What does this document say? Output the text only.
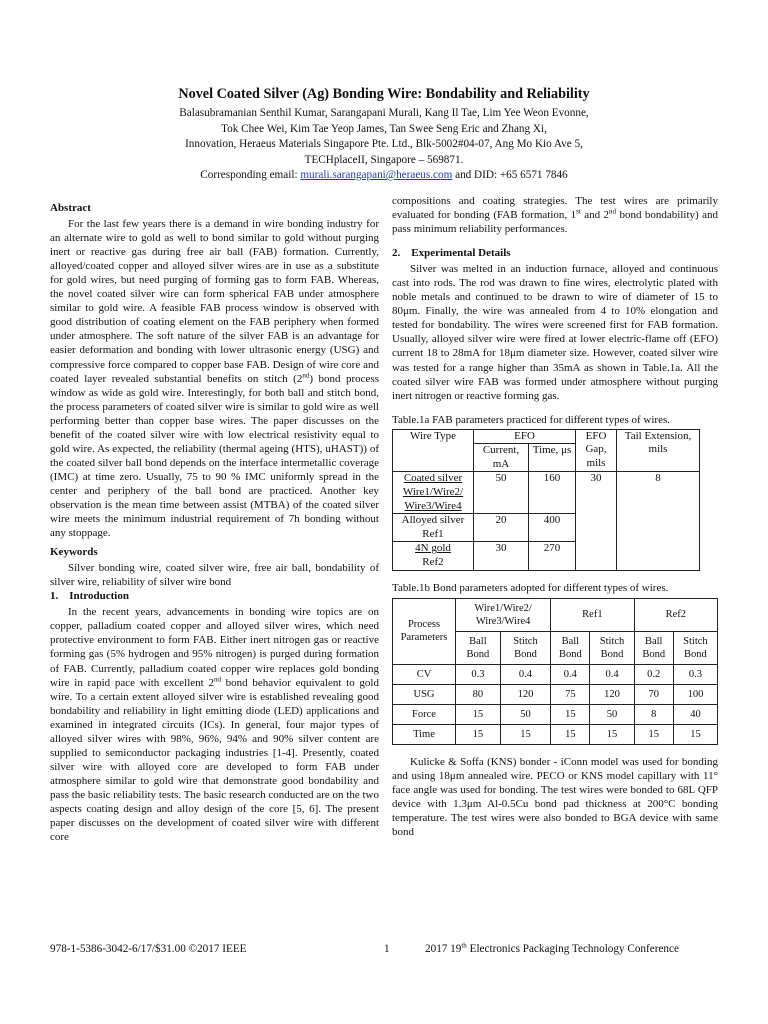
Novel Coated Silver (Ag) Bonding Wire: Bondability and Reliability
Balasubramanian Senthil Kumar, Sarangapani Murali, Kang Il Tae, Lim Yee Weon Evonne,
Tok Chee Wei, Kim Tae Yeop James, Tan Swee Seng Eric and Zhang Xi,
Innovation, Heraeus Materials Singapore Pte. Ltd., Blk-5002#04-07, Ang Mo Kio Ave 5,
TECHplaceII, Singapore – 569871.
Corresponding email: murali.sarangapani@heraeus.com and DID: +65 6571 7846

Abstract

For the last few years there is a demand in wire bonding industry for an alternate wire to gold as well to bond similar to gold without purging inert or reactive gas during free air ball (FAB) formation. Currently, alloyed/coated copper and alloyed silver wires are in use as a substitute for gold wires, but need purging of forming gas to form FAB. Whereas, the novel coated silver wire can form spherical FAB under atmosphere similar to gold wire. A feasible FAB process window is observed with good distribution of coating element on the FAB periphery when formed under atmosphere. The soft nature of the silver FAB is an advantage for easier deformation and bonding with lower ultrasonic energy (USG) and compressive force compared to copper base FAB. Design of wire core and coated layer revealed substantial benefits on stitch (2nd) bond process window as wide as gold wire. Interestingly, for both ball and stitch bond, the process parameters of coated silver wire is similar to gold wire as well performing better than copper base wires. The paper discusses on the benefit of the coated silver wire with low electrical resistivity equal to gold wire. As expected, the reliability (thermal ageing (HTS), uHAST)) of the coated silver ball bond depends on the interface intermetallic coverage (IMC) at time zero. Usually, 75 to 90 % IMC uniformly spread in the center and periphery of the ball bond are practiced. Another key observation is the mean time between assist (MTBA) of the coated silver wire meets the minimum industrial requirement of 7h bonding without any stoppage.

Keywords

Silver bonding wire, coated silver wire, free air ball, bondability of silver wire, reliability of silver wire bond

1.    Introduction

In the recent years, advancements in bonding wire topics are on copper, palladium coated copper and alloyed silver wires, which need protective environment to form FAB. Either inert nitrogen gas or reactive forming gas (5% hydrogen and 95% nitrogen) is purged during formation of FAB. Currently, palladium coated copper wire replaces gold bonding wire in rapid pace with excellent 2nd bond behavior equivalent to gold wire. To a certain extent alloyed silver wire is established revealing good bondability and reliability in light emitting diode (LED) applications and examined in integrated circuits (ICs). In general, four major types of alloyed silver wires with 98%, 96%, 94% and 90% silver content are supplied to semiconductor packaging industries [1-4]. Presently, coated silver wire with alloyed core are developed to form FAB under atmosphere similar to gold wire that demonstrate good bondability and pass the basic reliability tests. The basic research conducted are on the two aspects coating design and alloy design of the core [5, 6]. The present paper discusses on the development of coated silver wire with different core

compositions and coating strategies. The test wires are primarily evaluated for bonding (FAB formation, 1st and 2nd bond bondability) and pass minimum reliability performances.

2.    Experimental Details

Silver was melted in an induction furnace, alloyed and continuous cast into rods. The rod was drawn to fine wires, electrolytic plated with noble metals and continued to be drawn to wire of diameter of 15 to 80μm. Finally, the wire was annealed from 4 to 10% elongation and tested for bondability. The wires were screened first for FAB formation. Usually, alloyed silver wire were fired at lower electric-flame off (EFO) current 18 to 28mA for 18μm diameter size. However, coated silver wire was tested for a range higher than 35mA as shown in Table.1a. All the coated silver wire FAB was formed under atmosphere without purging inert nitrogen or reactive forming gas.

Table.1a FAB parameters practiced for different types of wires.

Wire Type	EFO		EFO Gap, mils	Tail Extension, mils
	Current, mA	Time, μs		
Coated silver Wire1/Wire2/ Wire3/Wire4	50	160	30	8
Alloyed silver Ref1	20	400		
4N gold
Ref2	30	270		

Table.1b Bond parameters adopted for different types of wires.

Process Parameters	Wire1/Wire2/ Wire3/Wire4		Ref1		Ref2	
	Ball Bond	Stitch Bond	Ball Bond	Stitch Bond	Ball Bond	Stitch Bond
CV	0.3	0.4	0.4	0.4	0.2	0.3
USG	80	120	75	120	70	100
Force	15	50	15	50	8	40
Time	15	15	15	15	15	15

Kulicke & Soffa (KNS) bonder - iConn model was used for bonding and using 18μm annealed wire. PECO or KNS model capillary with 11° face angle was used for bonding. The test wires were bonded to 68L QFP device with 1.3μm Al-0.5Cu bond pad thickness at 200°C bonding temperature. The test wires were also bonded to BGA device with same bond

978-1-5386-3042-6/17/$31.00 ©2017 IEEE	1	2017 19th Electronics Packaging Technology Conference
